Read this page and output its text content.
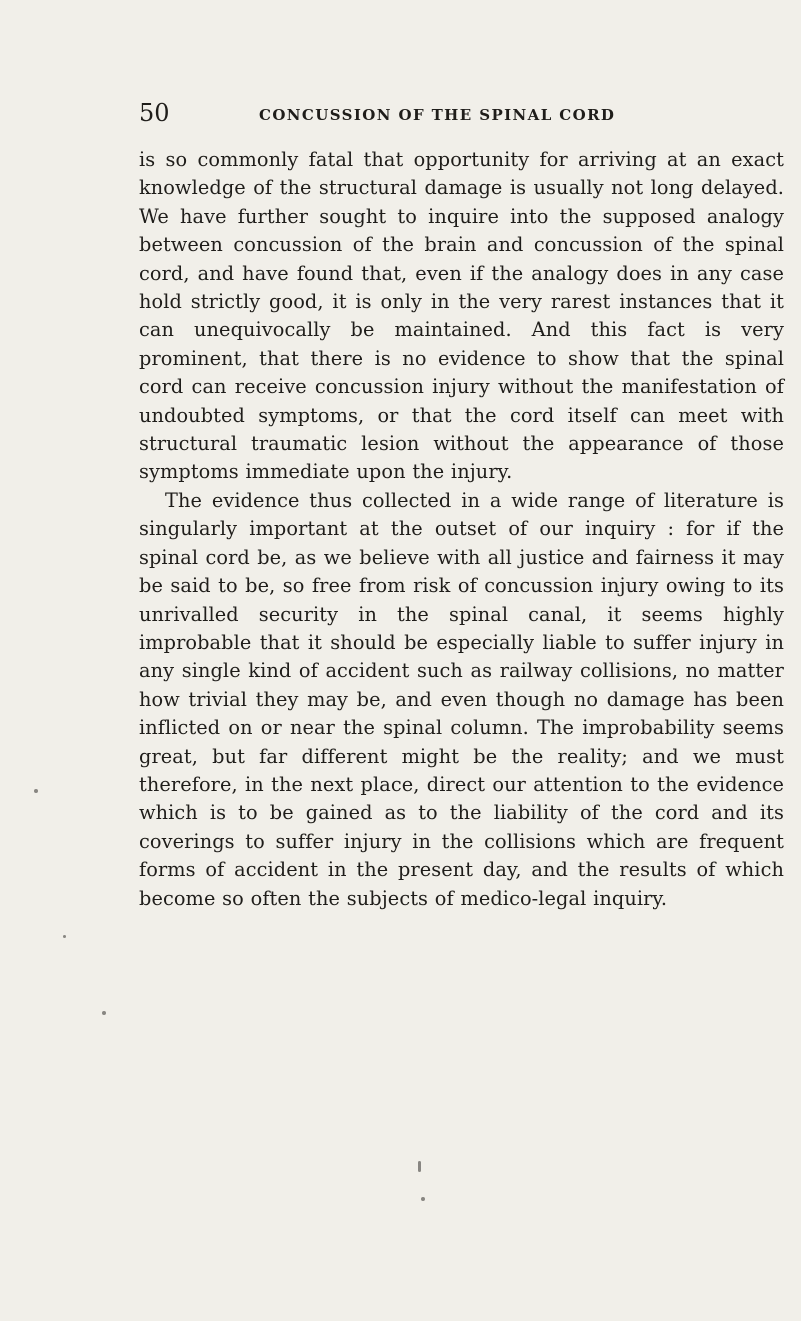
50	CONCUSSION OF THE SPINAL CORD

is so commonly fatal that opportunity for arriving at an exact knowledge of the structural damage is usually not long delayed. We have further sought to inquire into the supposed analogy between concussion of the brain and concussion of the spinal cord, and have found that, even if the analogy does in any case hold strictly good, it is only in the very rarest instances that it can unequivocally be maintained. And this fact is very prominent, that there is no evidence to show that the spinal cord can receive concussion injury without the manifestation of undoubted symptoms, or that the cord itself can meet with structural traumatic lesion without the appearance of those symptoms immediate upon the injury.

The evidence thus collected in a wide range of literature is singularly important at the outset of our inquiry : for if the spinal cord be, as we believe with all justice and fairness it may be said to be, so free from risk of concussion injury owing to its unrivalled security in the spinal canal, it seems highly improbable that it should be especially liable to suffer injury in any single kind of accident such as railway collisions, no matter how trivial they may be, and even though no damage has been inflicted on or near the spinal column. The improbability seems great, but far different might be the reality; and we must therefore, in the next place, direct our attention to the evidence which is to be gained as to the liability of the cord and its coverings to suffer injury in the collisions which are frequent forms of accident in the present day, and the results of which become so often the subjects of medico-legal inquiry.
